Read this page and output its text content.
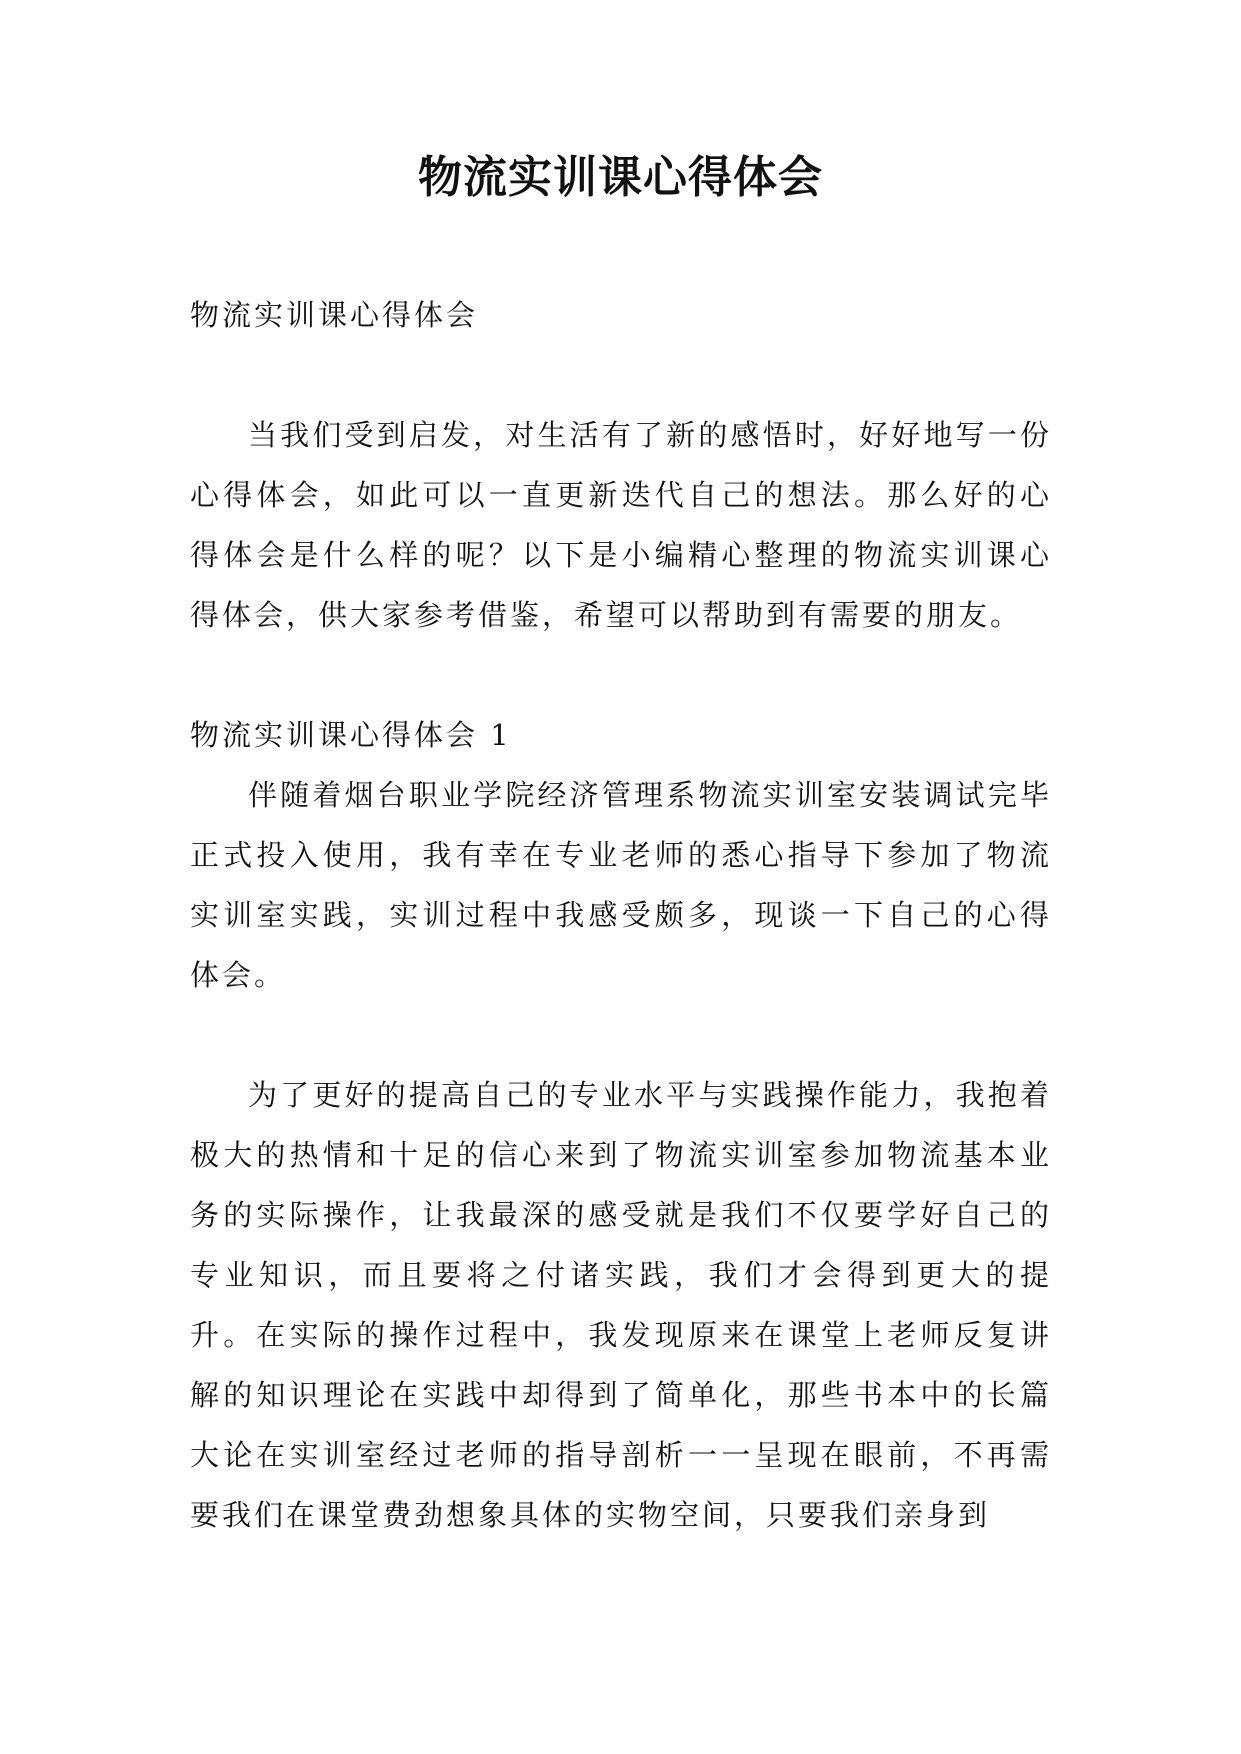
物流实训课心得体会

物流实训课心得体会

当我们受到启发，对生活有了新的感悟时，好好地写一份心得体会，如此可以一直更新迭代自己的想法。那么好的心得体会是什么样的呢？以下是小编精心整理的物流实训课心得体会，供大家参考借鉴，希望可以帮助到有需要的朋友。

物流实训课心得体会 1

伴随着烟台职业学院经济管理系物流实训室安装调试完毕正式投入使用，我有幸在专业老师的悉心指导下参加了物流实训室实践，实训过程中我感受颇多，现谈一下自己的心得体会。

为了更好的提高自己的专业水平与实践操作能力，我抱着极大的热情和十足的信心来到了物流实训室参加物流基本业务的实际操作，让我最深的感受就是我们不仅要学好自己的专业知识，而且要将之付诸实践，我们才会得到更大的提升。在实际的操作过程中，我发现原来在课堂上老师反复讲解的知识理论在实践中却得到了简单化，那些书本中的长篇大论在实训室经过老师的指导剖析一一呈现在眼前，不再需要我们在课堂费劲想象具体的实物空间，只要我们亲身到
